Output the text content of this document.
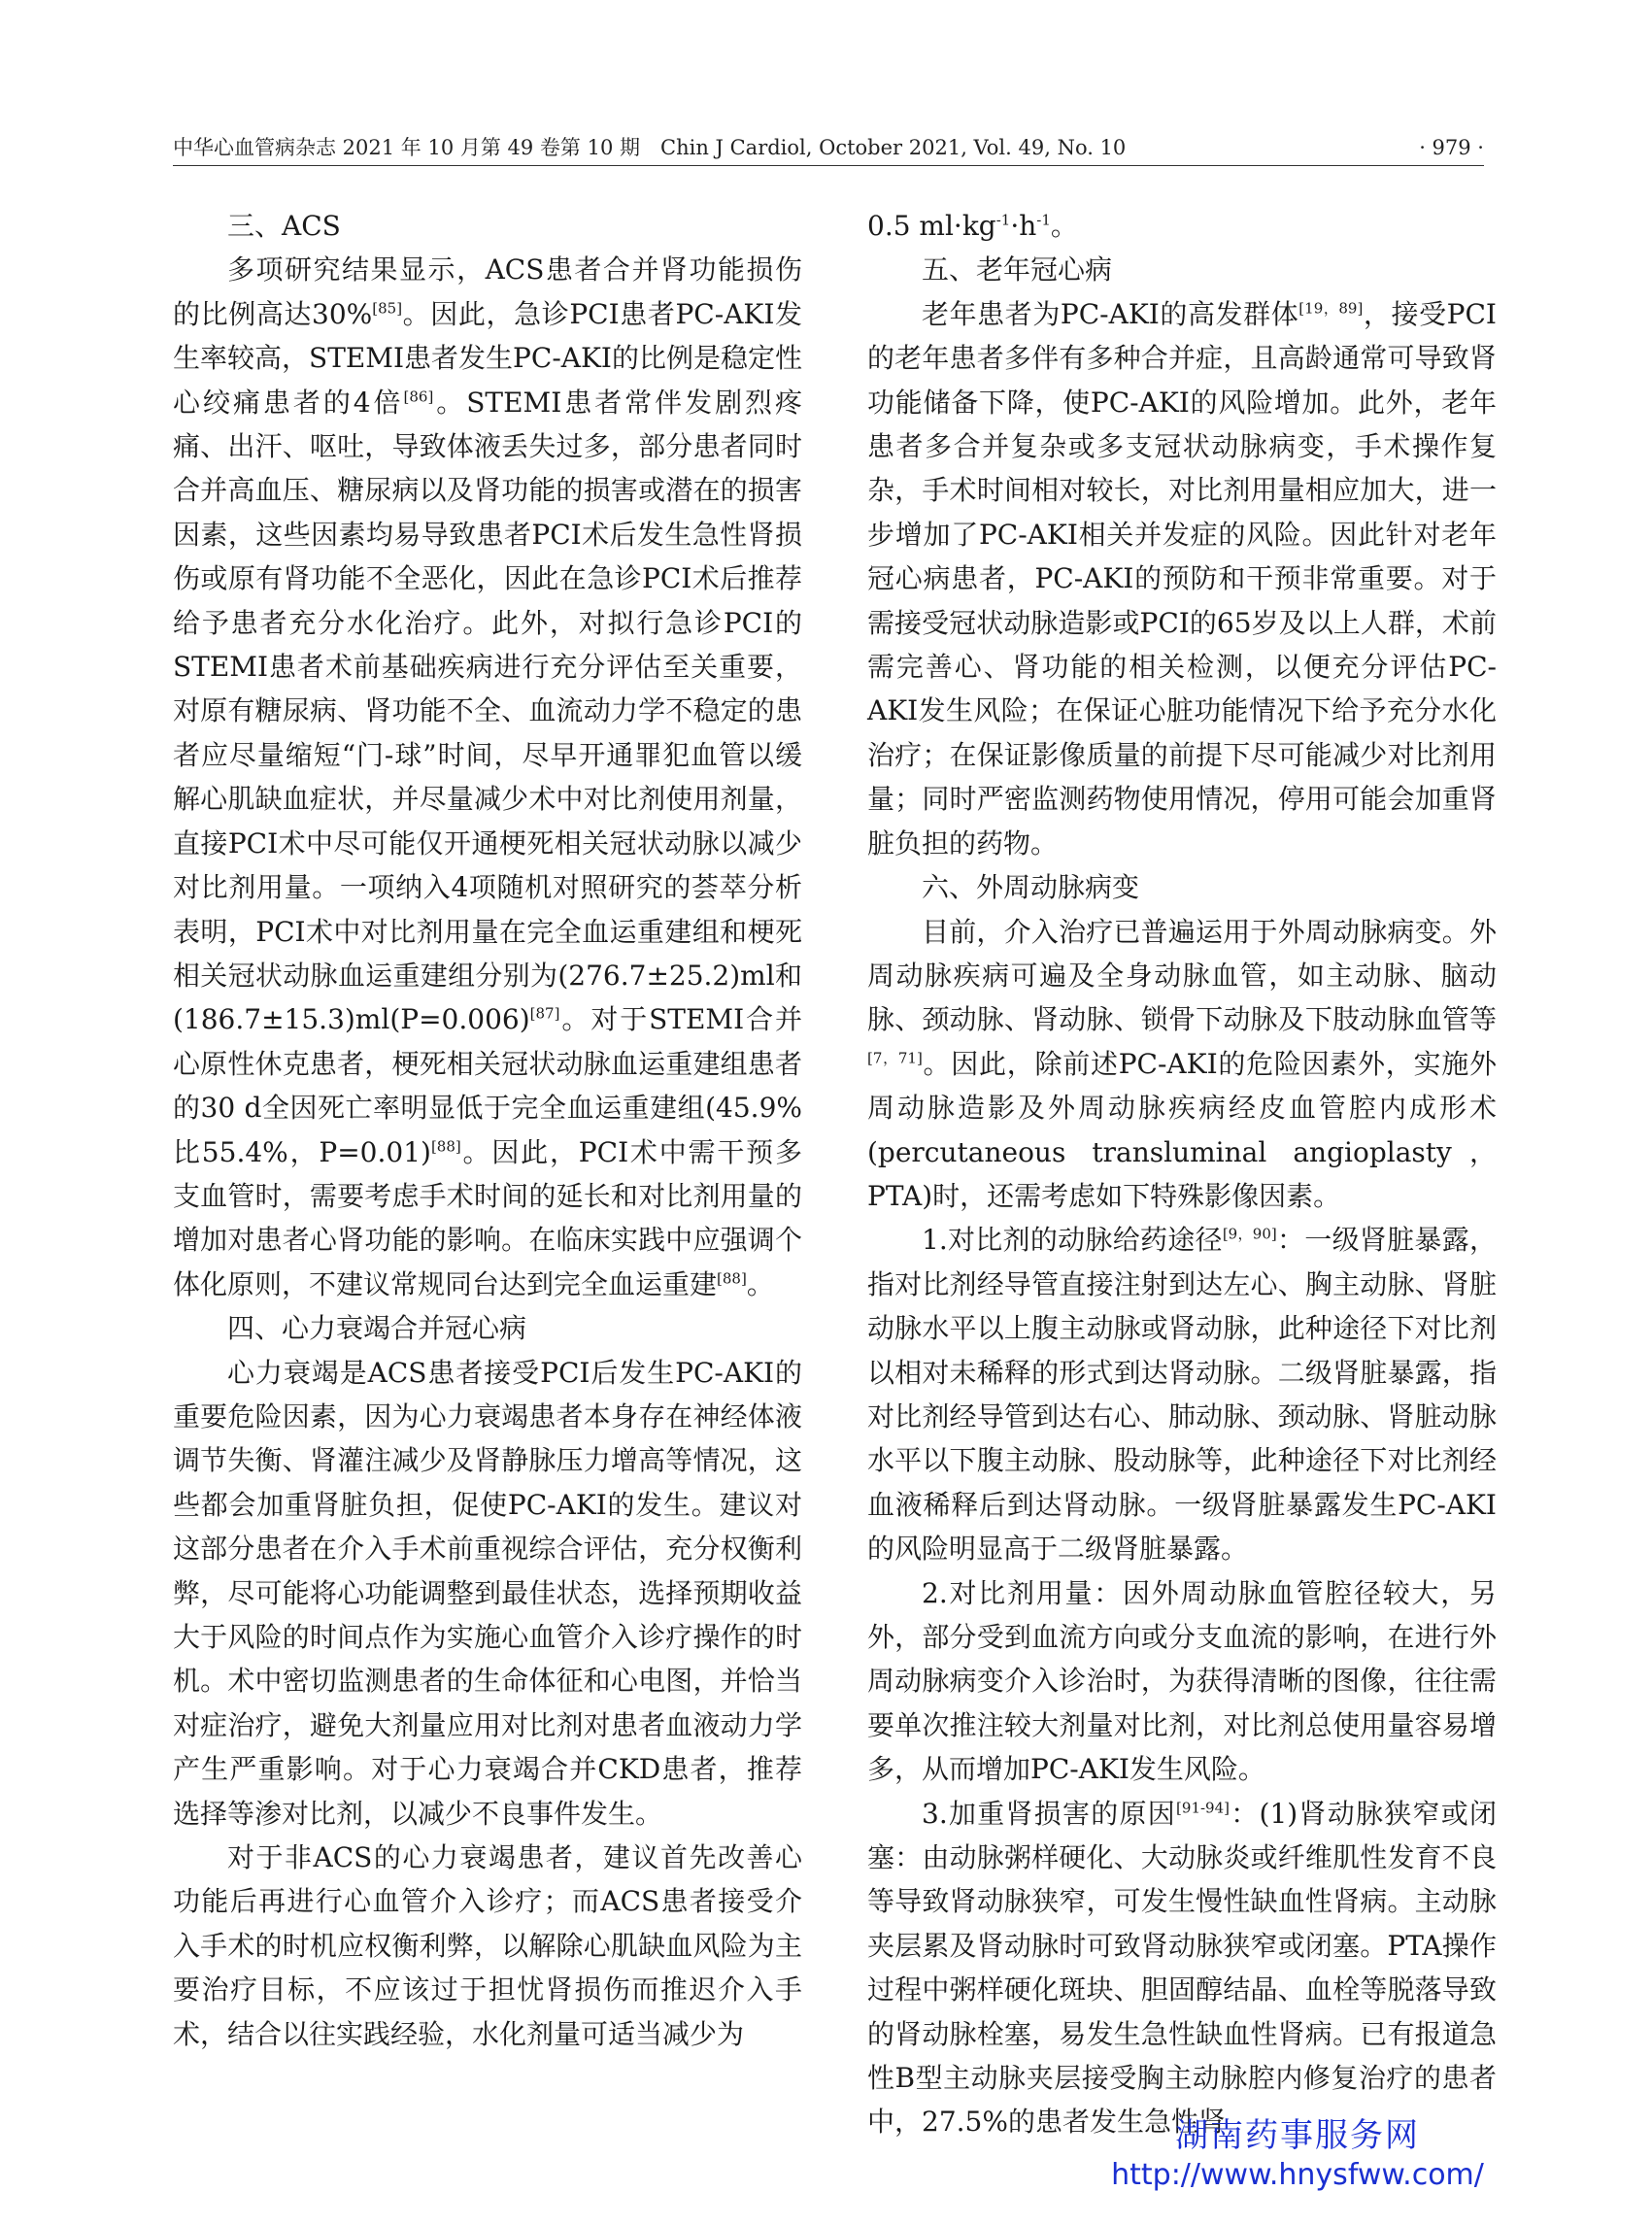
中华心血管病杂志 2021 年 10 月第 49 卷第 10 期　Chin J Cardiol, October 2021, Vol. 49, No. 10	· 979 ·
三、ACS

多项研究结果显示，ACS患者合并肾功能损伤的比例高达30%[85]。因此，急诊PCI患者PC-AKI发生率较高，STEMI患者发生PC-AKI的比例是稳定性心绞痛患者的4倍[86]。STEMI患者常伴发剧烈疼痛、出汗、呕吐，导致体液丢失过多，部分患者同时合并高血压、糖尿病以及肾功能的损害或潜在的损害因素，这些因素均易导致患者PCI术后发生急性肾损伤或原有肾功能不全恶化，因此在急诊PCI术后推荐给予患者充分水化治疗。此外，对拟行急诊PCI的STEMI患者术前基础疾病进行充分评估至关重要，对原有糖尿病、肾功能不全、血流动力学不稳定的患者应尽量缩短“门-球”时间，尽早开通罪犯血管以缓解心肌缺血症状，并尽量减少术中对比剂使用剂量，直接PCI术中尽可能仅开通梗死相关冠状动脉以减少对比剂用量。一项纳入4项随机对照研究的荟萃分析表明，PCI术中对比剂用量在完全血运重建组和梗死相关冠状动脉血运重建组分别为(276.7±25.2)ml和(186.7±15.3)ml(P=0.006)[87]。对于STEMI合并心原性休克患者，梗死相关冠状动脉血运重建组患者的30 d全因死亡率明显低于完全血运重建组(45.9%比55.4%，P=0.01)[88]。因此，PCI术中需干预多支血管时，需要考虑手术时间的延长和对比剂用量的增加对患者心肾功能的影响。在临床实践中应强调个体化原则，不建议常规同台达到完全血运重建[88]。

四、心力衰竭合并冠心病

心力衰竭是ACS患者接受PCI后发生PC-AKI的重要危险因素，因为心力衰竭患者本身存在神经体液调节失衡、肾灌注减少及肾静脉压力增高等情况，这些都会加重肾脏负担，促使PC-AKI的发生。建议对这部分患者在介入手术前重视综合评估，充分权衡利弊，尽可能将心功能调整到最佳状态，选择预期收益大于风险的时间点作为实施心血管介入诊疗操作的时机。术中密切监测患者的生命体征和心电图，并恰当对症治疗，避免大剂量应用对比剂对患者血液动力学产生严重影响。对于心力衰竭合并CKD患者，推荐选择等渗对比剂，以减少不良事件发生。

对于非ACS的心力衰竭患者，建议首先改善心功能后再进行心血管介入诊疗；而ACS患者接受介入手术的时机应权衡利弊，以解除心肌缺血风险为主要治疗目标，不应该过于担忧肾损伤而推迟介入手术，结合以往实践经验，水化剂量可适当减少为

0.5 $ml\cdot kg^{-1}\cdot h^{-1}$。

五、老年冠心病

老年患者为PC-AKI的高发群体[19，89]，接受PCI的老年患者多伴有多种合并症，且高龄通常可导致肾功能储备下降，使PC-AKI的风险增加。此外，老年患者多合并复杂或多支冠状动脉病变，手术操作复杂，手术时间相对较长，对比剂用量相应加大，进一步增加了PC-AKI相关并发症的风险。因此针对老年冠心病患者，PC-AKI的预防和干预非常重要。对于需接受冠状动脉造影或PCI的65岁及以上人群，术前需完善心、肾功能的相关检测，以便充分评估PC-AKI发生风险；在保证心脏功能情况下给予充分水化治疗；在保证影像质量的前提下尽可能减少对比剂用量；同时严密监测药物使用情况，停用可能会加重肾脏负担的药物。

六、外周动脉病变

目前，介入治疗已普遍运用于外周动脉病变。外周动脉疾病可遍及全身动脉血管，如主动脉、脑动脉、颈动脉、肾动脉、锁骨下动脉及下肢动脉血管等[7，71]。因此，除前述PC-AKI的危险因素外，实施外周动脉造影及外周动脉疾病经皮血管腔内成形术(percutaneous transluminal angioplasty，PTA)时，还需考虑如下特殊影像因素。

1.对比剂的动脉给药途径[9，90]：一级肾脏暴露，指对比剂经导管直接注射到达左心、胸主动脉、肾脏动脉水平以上腹主动脉或肾动脉，此种途径下对比剂以相对未稀释的形式到达肾动脉。二级肾脏暴露，指对比剂经导管到达右心、肺动脉、颈动脉、肾脏动脉水平以下腹主动脉、股动脉等，此种途径下对比剂经血液稀释后到达肾动脉。一级肾脏暴露发生PC-AKI的风险明显高于二级肾脏暴露。

2.对比剂用量：因外周动脉血管腔径较大，另外，部分受到血流方向或分支血流的影响，在进行外周动脉病变介入诊治时，为获得清晰的图像，往往需要单次推注较大剂量对比剂，对比剂总使用量容易增多，从而增加PC-AKI发生风险。

3.加重肾损害的原因[91-94]：(1)肾动脉狭窄或闭塞：由动脉粥样硬化、大动脉炎或纤维肌性发育不良等导致肾动脉狭窄，可发生慢性缺血性肾病。主动脉夹层累及肾动脉时可致肾动脉狭窄或闭塞。PTA操作过程中粥样硬化斑块、胆固醇结晶、血栓等脱落导致的肾动脉栓塞，易发生急性缺血性肾病。已有报道急性B型主动脉夹层接受胸主动脉腔内修复治疗的患者中，27.5%的患者发生急性肾

湖南药事服务网
http://www.hnysfww.com/
